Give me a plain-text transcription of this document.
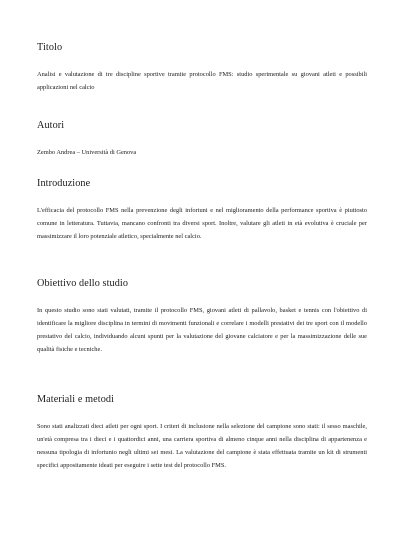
Titolo

Analisi e valutazione di tre discipline sportive tramite protocollo FMS: studio sperimentale su giovani atleti e possibili applicazioni nel calcio

Autori

Zembo Andrea – Università di Genova

Introduzione

L'efficacia del protocollo FMS nella prevenzione degli infortuni e nel miglioramento della performance sportiva è piuttosto comune in letteratura. Tuttavia, mancano confronti tra diversi sport. Inoltre, valutare gli atleti in età evolutiva è cruciale per massimizzare il loro potenziale atletico, specialmente nel calcio.

Obiettivo dello studio

In questo studio sono stati valutati, tramite il protocollo FMS, giovani atleti di pallavolo, basket e tennis con l'obiettivo di identificare la migliore disciplina in termini di movimenti funzionali e correlare i modelli prestativi dei tre sport con il modello prestativo del calcio, individuando alcuni spunti per la valutazione del giovane calciatore e per la massimizzazione delle sue qualità fisiche e tecniche.

Materiali e metodi

Sono stati analizzati dieci atleti per ogni sport. I criteri di inclusione nella selezione del campione sono stati: il sesso maschile, un'età compresa tra i dieci e i quattordici anni, una carriera sportiva di almeno cinque anni nella disciplina di appartenenza e nessuna tipologia di infortunio negli ultimi sei mesi. La valutazione del campione è stata effettuata tramite un kit di strumenti specifici appositamente ideati per eseguire i sette test del protocollo FMS.
